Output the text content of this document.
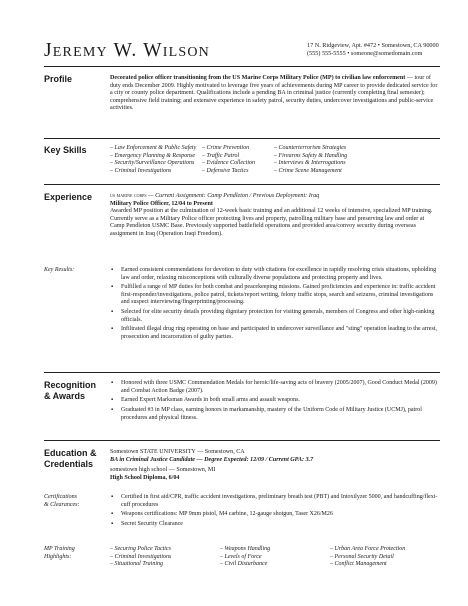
Jeremy W. Wilson	17 N. Ridgeview, Apt. #472 • Somestown, CA 90000
(555) 555-5555 • someone@somedomain.com
Profile	Decorated police officer transitioning from the US Marine Corps Military Police (MP) to civilian law enforcement — tour of duty ends December 2009. Highly motivated to leverage five years of achievements during MP career to provide dedicated service for a city or county police department. Qualifications include a pending BA in criminal justice (currently completing final semester); comprehensive field training; and extensive experience in safety patrol, security duties, undercover investigations and public-service activities.
Key Skills	– Law Enforcement & Public Safety – Crime Prevention	– Counterterrorism Strategies
– Emergency Planning & Response	– Traffic Patrol	– Firearms Safety & Handling
– Security/Surveillance Operations	– Evidence Collection	– Interviews & Interrogations
– Criminal Investigations	– Defensive Tactics	– Crime Scene Management
Experience	us marine corps — Current Assignment: Camp Pendleton / Previous Deployment: Iraq
Military Police Officer, 12/04 to Present
Awarded MP position at the culmination of 12-week basic training and an additional 12 weeks of intensive, specialized MP training. Currently serve as a Military Police officer protecting lives and property, patrolling military base and preserving law and order at Camp Pendleton USMC Base. Previously supported battlefield operations and provided area/convoy security during overseas assignment in Iraq (Operation Iraqi Freedom).
Key Results:
▪	Earned consistent commendations for devotion to duty with citations for excellence in rapidly resolving crisis situations, upholding law and order, relaxing misconceptions with culturally diverse populations and protecting property and lives.
▪ Fulfilled a range of MP duties for both combat and peacekeeping missions. Gained proficiencies and experience in: traffic accident first-responder/investigations, police patrol, tickets/report writing, felony traffic stops, search and seizures, criminal investigations and suspect interviewing/fingerprinting/processing.
▪ Selected for elite security details providing dignitary protection for visiting generals, members of Congress and other high-ranking officials.
▪ Infiltrated illegal drug ring operating on base and participated in undercover surveillance and "sting" operation leading to the arrest, prosecution and incarceration of guilty parties.
Recognition
& Awards
▪ Honored with three USMC Commendation Medals for heroic/life-saving acts of bravery (2005/2007), Good Conduct Medal (2009) and Combat Action Badge (2007).
▪ Earned Expert Marksman Awards in both small arms and assault weapons.
▪ Graduated #3 in MP class, earning honors in marksmanship, mastery of the Uniform Code of Military Justice (UCMJ), patrol procedures and physical fitness.
Education &
Credentials
Somestown STATE UNIVERSITY — Somestown, CA
BA in Criminal Justice Candidate — Degree Expected: 12/09 / Current GPA: 3.7
somestown high school — Somestown, MI
High School Diploma, 6/04
Certifications
& Clearances:
▪ Certified in first aid/CPR, traffic accident investigations, preliminary breath test (PBT) and Intoxilyzer 5000, and handcuffing/flexi-cuff procedures
▪ Weapons certifications: MP 9mm pistol, M4 carbine, 12-gauge shotgun, Taser X26/M26
▪ Secret Security Clearance
MP Training
Highlights:
– Securing Police Tactics	– Weapons Handling	– Urban Area Force Protection
– Criminal Investigations	– Levels of Force	– Personal Security Detail
– Situational Training	– Civil Disturbance	– Conflict Management
